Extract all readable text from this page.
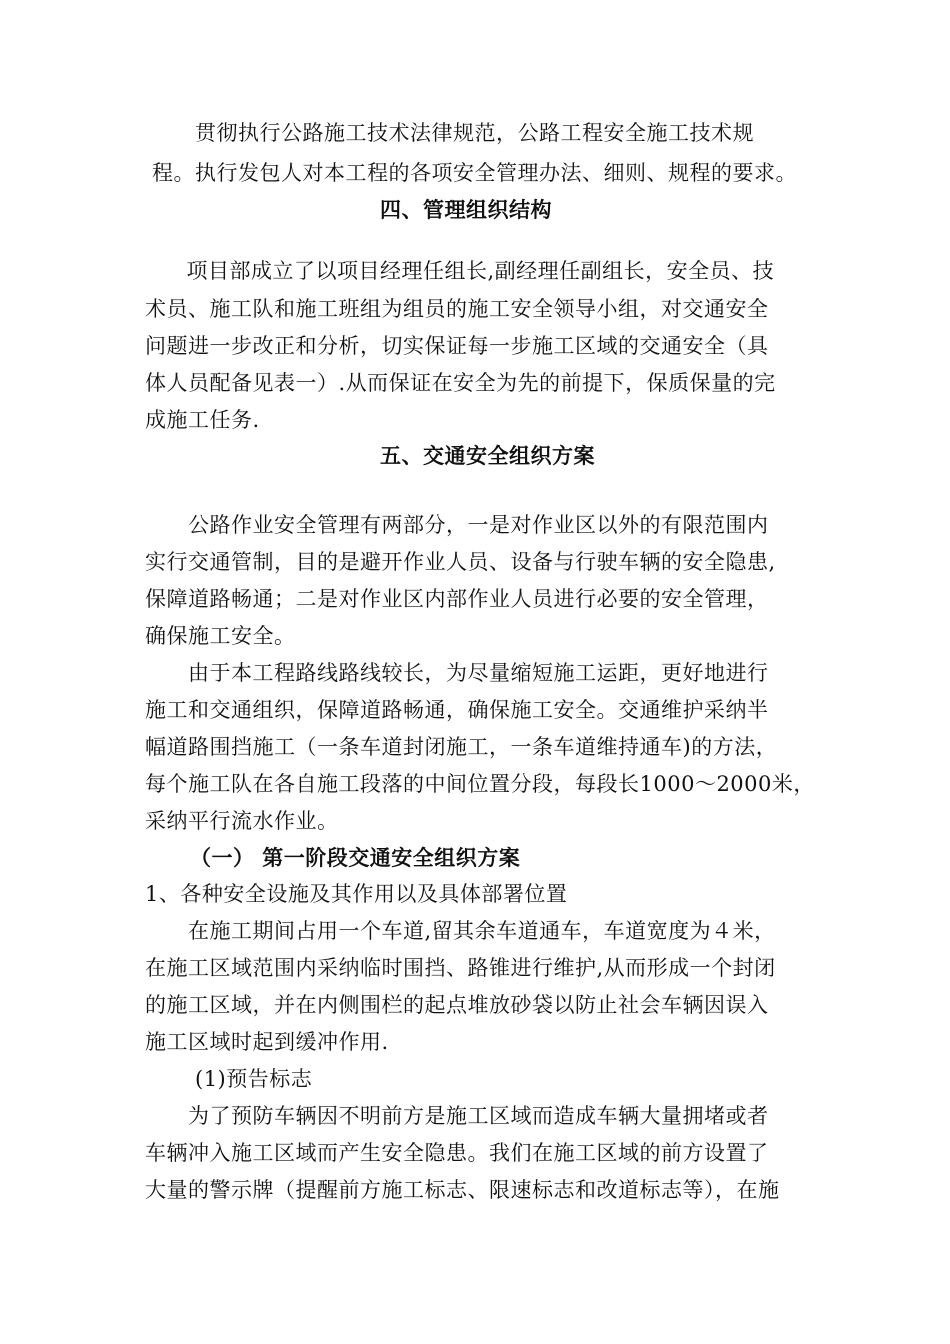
　　贯彻执行公路施工技术法律规范，公路工程安全施工技术规
程。执行发包人对本工程的各项安全管理办法、细则、规程的要求。
四、管理组织结构
　项目部成立了以项目经理任组长,副经理任副组长，安全员、技
术员、施工队和施工班组为组员的施工安全领导小组，对交通安全
问题进一步改正和分析，切实保证每一步施工区域的交通安全（具
体人员配备见表一）.从而保证在安全为先的前提下，保质保量的完
成施工任务.
五、交通安全组织方案
　　公路作业安全管理有两部分，一是对作业区以外的有限范围内
实行交通管制，目的是避开作业人员、设备与行驶车辆的安全隐患,
保障道路畅通；二是对作业区内部作业人员进行必要的安全管理，
确保施工安全。
　　由于本工程路线路线较长，为尽量缩短施工运距，更好地进行
施工和交通组织，保障道路畅通，确保施工安全。交通维护采纳半
幅道路围挡施工（一条车道封闭施工，一条车道维持通车)的方法，
每个施工队在各自施工段落的中间位置分段，每段长1000～2000米，
采纳平行流水作业。
（一） 第一阶段交通安全组织方案
1、各种安全设施及其作用以及具体部署位置
　　在施工期间占用一个车道,留其余车道通车，车道宽度为４米，
在施工区域范围内采纳临时围挡、路锥进行维护,从而形成一个封闭
的施工区域，并在内侧围栏的起点堆放砂袋以防止社会车辆因误入
施工区域时起到缓冲作用.
(1)预告标志
　　为了预防车辆因不明前方是施工区域而造成车辆大量拥堵或者
车辆冲入施工区域而产生安全隐患。我们在施工区域的前方设置了
大量的警示牌（提醒前方施工标志、限速标志和改道标志等），在施
